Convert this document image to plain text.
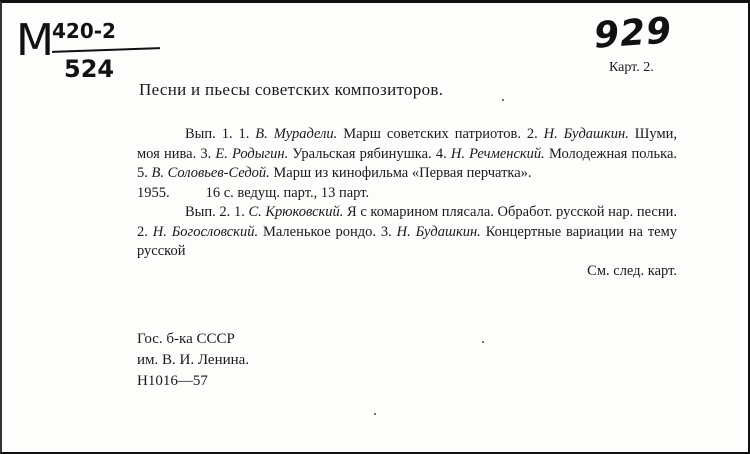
М
420-2
524
929
Карт. 2.
Песни и пьесы советских композиторов.

Вып. 1. 1. В. Мурадели. Марш советских патриотов. 2. Н. Будашкин. Шуми, моя нива. 3. Е. Родыгин. Уральская рябинушка. 4. Н. Речменский. Молодежная полька. 5. В. Соловьев-Седой. Марш из кинофильма «Первая перчатка».

1955. 16 с. ведущ. парт., 13 парт.

Вып. 2. 1. С. Крюковский. Я с комарином плясала. Обработ. русской нар. песни. 2. Н. Богословский. Маленькое рондо. 3. Н. Будашкин. Концертные вариации на тему русской

См. след. карт.

Гос. б-ка СССР
им. В. И. Ленина.
Н1016—57
